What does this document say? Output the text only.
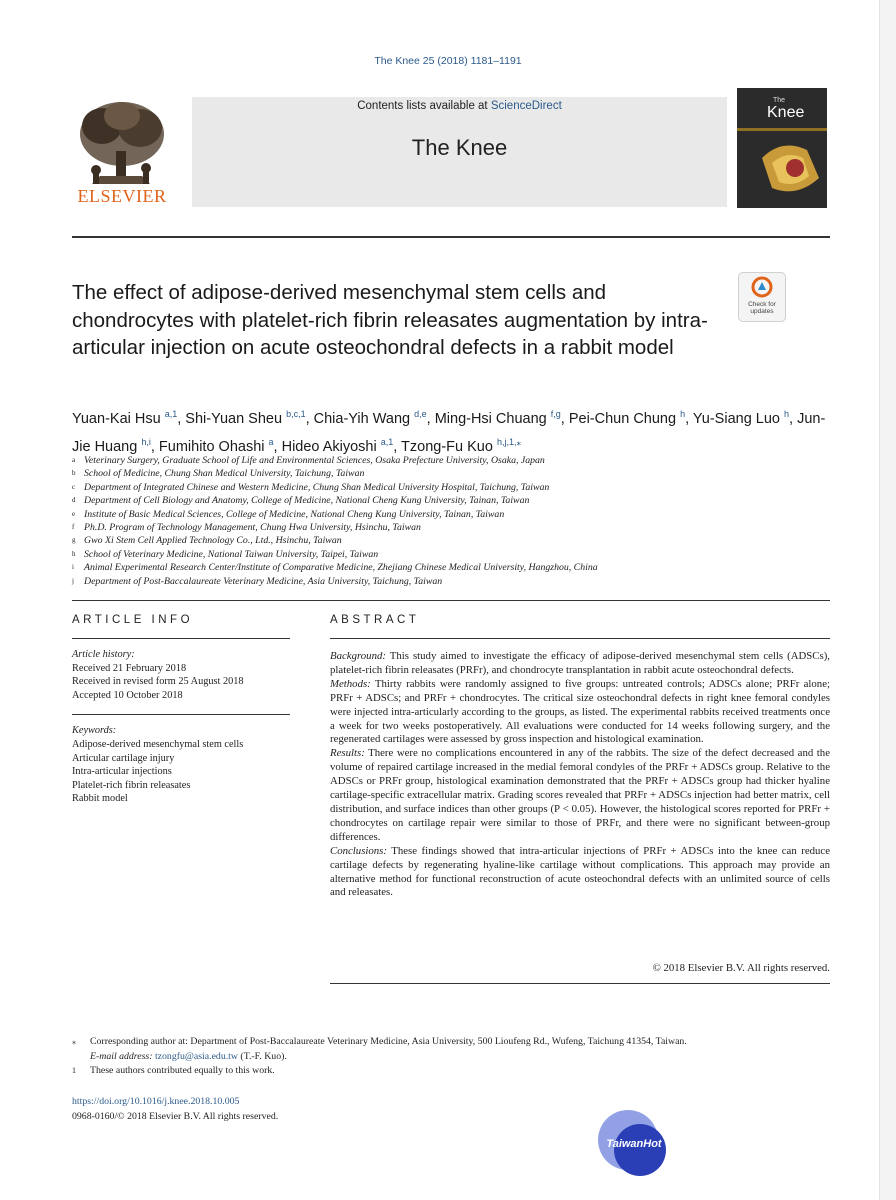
The Knee 25 (2018) 1181–1191
ELSEVIER
Contents lists available at ScienceDirect
The Knee
The
Knee
Check for
updates
The effect of adipose-derived mesenchymal stem cells and chondrocytes with platelet-rich fibrin releasates augmentation by intra-articular injection on acute osteochondral defects in a rabbit model
Yuan-Kai Hsu $^{a,1}$, Shi-Yuan Sheu $^{b,c,1}$, Chia-Yih Wang $^{d,e}$, Ming-Hsi Chuang $^{f,g}$, Pei-Chun Chung $^h$, Yu-Siang Luo $^h$, Jun-Jie Huang $^{h,i}$, Fumihito Ohashi $^a$, Hideo Akiyoshi $^{a,1}$, Tzong-Fu Kuo $^{h,j,1,⁎}$
a Veterinary Surgery, Graduate School of Life and Environmental Sciences, Osaka Prefecture University, Osaka, Japan
b School of Medicine, Chung Shan Medical University, Taichung, Taiwan
c Department of Integrated Chinese and Western Medicine, Chung Shan Medical University Hospital, Taichung, Taiwan
d Department of Cell Biology and Anatomy, College of Medicine, National Cheng Kung University, Tainan, Taiwan
e Institute of Basic Medical Sciences, College of Medicine, National Cheng Kung University, Tainan, Taiwan
f Ph.D. Program of Technology Management, Chung Hwa University, Hsinchu, Taiwan
g Gwo Xi Stem Cell Applied Technology Co., Ltd., Hsinchu, Taiwan
h School of Veterinary Medicine, National Taiwan University, Taipei, Taiwan
i Animal Experimental Research Center/Institute of Comparative Medicine, Zhejiang Chinese Medical University, Hangzhou, China
j Department of Post-Baccalaureate Veterinary Medicine, Asia University, Taichung, Taiwan
ARTICLE INFO
Article history:
Received 21 February 2018
Received in revised form 25 August 2018
Accepted 10 October 2018
Keywords:
Adipose-derived mesenchymal stem cells
Articular cartilage injury
Intra-articular injections
Platelet-rich fibrin releasates
Rabbit model
ABSTRACT

Background: This study aimed to investigate the efficacy of adipose-derived mesenchymal stem cells (ADSCs), platelet-rich fibrin releasates (PRFr), and chondrocyte transplantation in rabbit acute osteochondral defects.

Methods: Thirty rabbits were randomly assigned to five groups: untreated controls; ADSCs alone; PRFr alone; PRFr + ADSCs; and PRFr + chondrocytes. The critical size osteochondral defects in right knee femoral condyles were injected intra-articularly according to the groups, as listed. The experimental rabbits received treatments once a week for two weeks postoperatively. All evaluations were conducted for 14 weeks following surgery, and the regenerated cartilages were assessed by gross inspection and histological examination.

Results: There were no complications encountered in any of the rabbits. The size of the defect decreased and the volume of repaired cartilage increased in the medial femoral condyles of the PRFr + ADSCs group. Relative to the ADSCs or PRFr group, histological examination demonstrated that the PRFr + ADSCs group had thicker hyaline cartilage-specific extracellular matrix. Grading scores revealed that PRFr + ADSCs injection had better matrix, cell distribution, and surface indices than other groups (P < 0.05). However, the histological scores reported for PRFr + chondrocytes on cartilage repair were similar to those of PRFr, and there were no significant between-group differences.

Conclusions: These findings showed that intra-articular injections of PRFr + ADSCs into the knee can reduce cartilage defects by regenerating hyaline-like cartilage without complications. This approach may provide an alternative method for functional reconstruction of acute osteochondral defects with an unlimited source of cells and releasates.

© 2018 Elsevier B.V. All rights reserved.
⁎ Corresponding author at: Department of Post-Baccalaureate Veterinary Medicine, Asia University, 500 Lioufeng Rd., Wufeng, Taichung 41354, Taiwan.
E-mail address: tzongfu@asia.edu.tw (T.-F. Kuo).
1 These authors contributed equally to this work.
https://doi.org/10.1016/j.knee.2018.10.005
0968-0160/© 2018 Elsevier B.V. All rights reserved.
TaiwanHot
